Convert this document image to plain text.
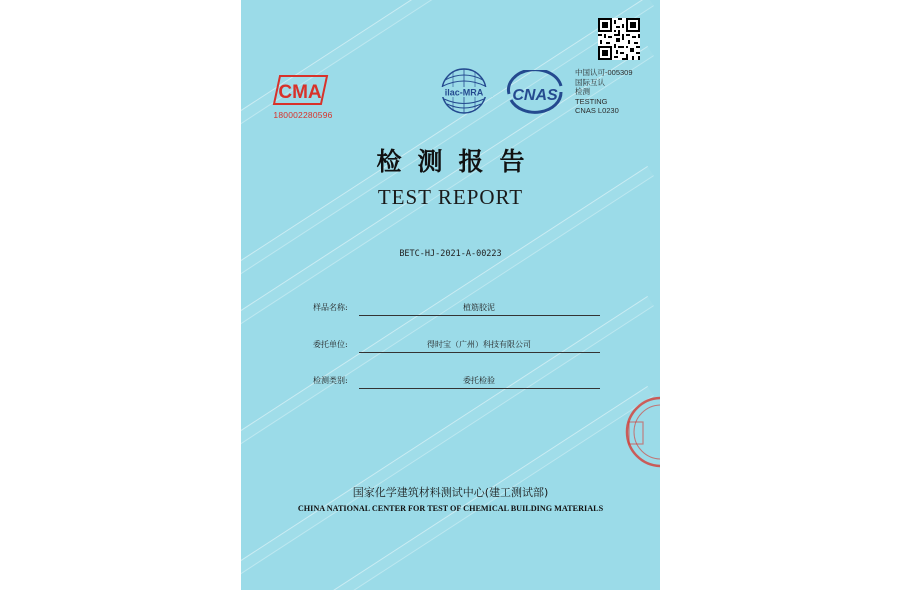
CMA
180002280596
ilac-MRA CNAS
中国认可-005309
国际互认
检测
TESTING
CNAS L0230
检测报告
TEST REPORT
BETC-HJ-2021-A-00223
样品名称:	植筋胶泥
委托单位:	得时宝（广州）科技有限公司
检测类别:	委托检验
国家化学建筑材料测试中心(建工测试部)
CHINA NATIONAL CENTER FOR TEST OF CHEMICAL BUILDING MATERIALS
